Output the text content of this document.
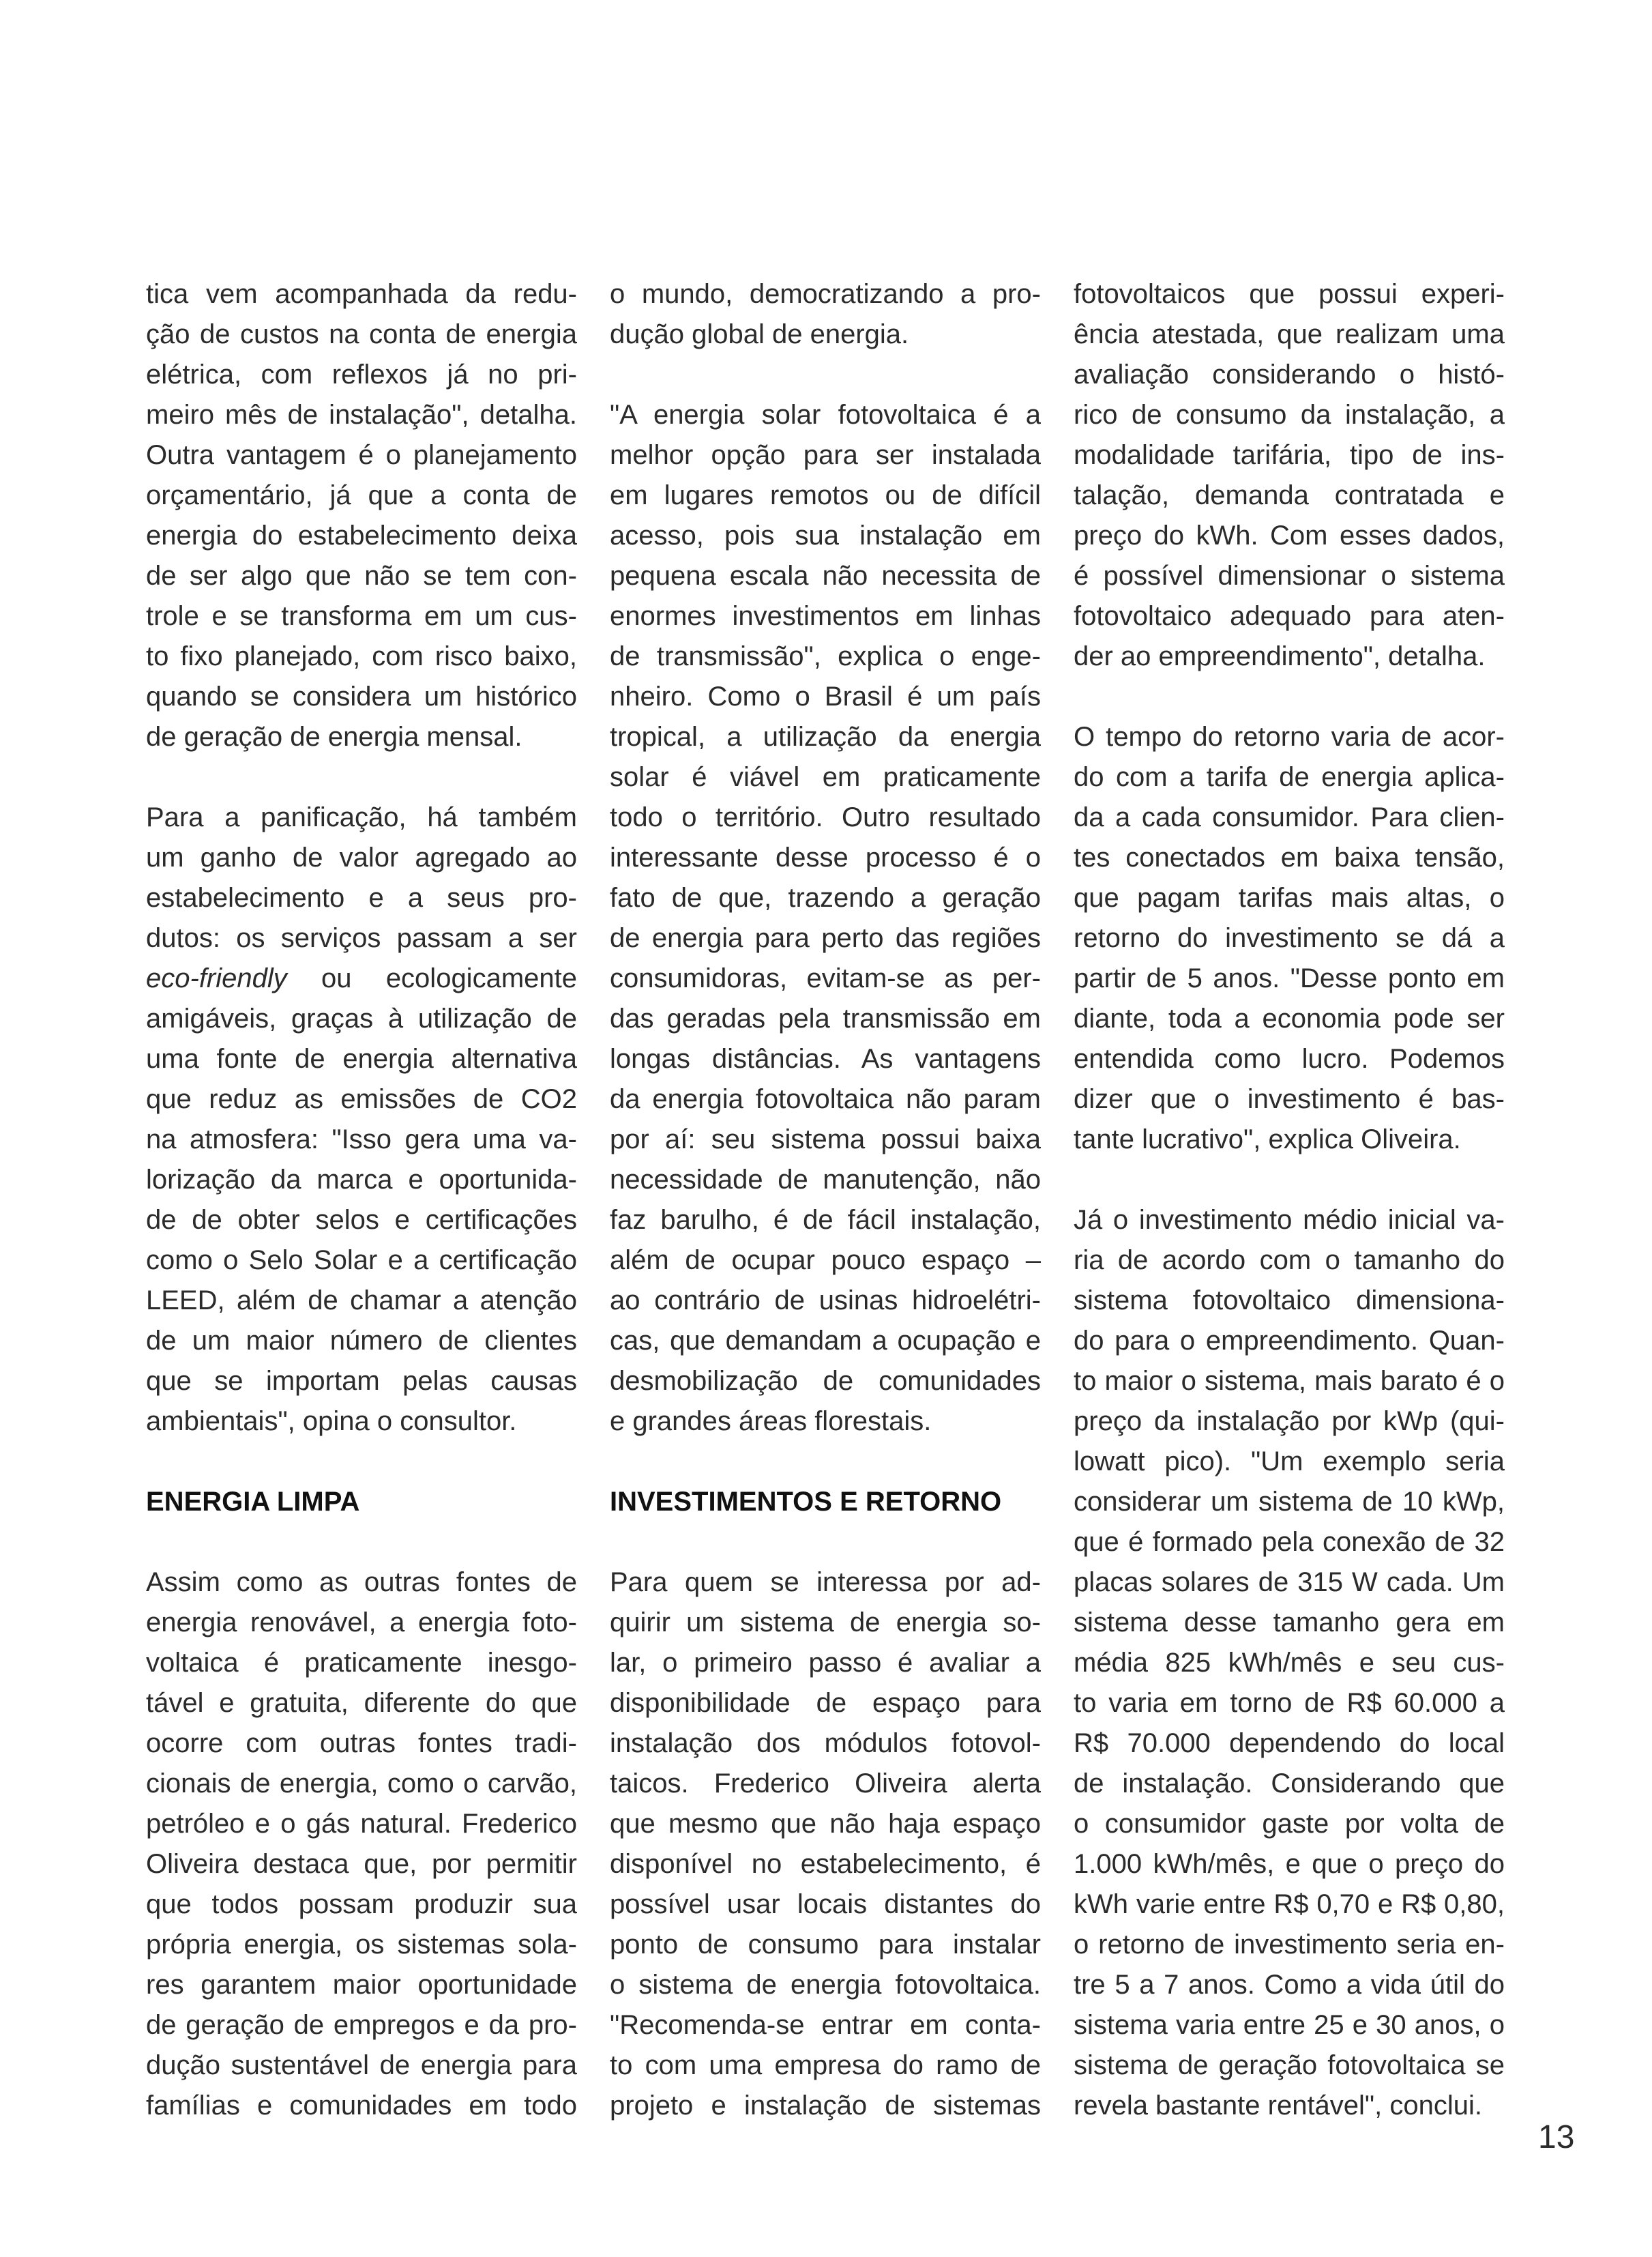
tica vem acompanhada da redu-
ção de custos na conta de energia
elétrica, com reflexos já no pri-
meiro mês de instalação", detalha.
Outra vantagem é o planejamento
orçamentário, já que a conta de
energia do estabelecimento deixa
de ser algo que não se tem con-
trole e se transforma em um cus-
to fixo planejado, com risco baixo,
quando se considera um histórico
de geração de energia mensal.
Para a panificação, há também
um ganho de valor agregado ao
estabelecimento e a seus pro-
dutos: os serviços passam a ser
eco-friendly ou ecologicamente
amigáveis, graças à utilização de
uma fonte de energia alternativa
que reduz as emissões de CO2
na atmosfera: "Isso gera uma va-
lorização da marca e oportunida-
de de obter selos e certificações
como o Selo Solar e a certificação
LEED, além de chamar a atenção
de um maior número de clientes
que se importam pelas causas
ambientais", opina o consultor.
ENERGIA LIMPA
Assim como as outras fontes de
energia renovável, a energia foto-
voltaica é praticamente inesgo-
tável e gratuita, diferente do que
ocorre com outras fontes tradi-
cionais de energia, como o carvão,
petróleo e o gás natural. Frederico
Oliveira destaca que, por permitir
que todos possam produzir sua
própria energia, os sistemas sola-
res garantem maior oportunidade
de geração de empregos e da pro-
dução sustentável de energia para
famílias e comunidades em todo
o mundo, democratizando a pro-
dução global de energia.
"A energia solar fotovoltaica é a
melhor opção para ser instalada
em lugares remotos ou de difícil
acesso, pois sua instalação em
pequena escala não necessita de
enormes investimentos em linhas
de transmissão", explica o enge-
nheiro. Como o Brasil é um país
tropical, a utilização da energia
solar é viável em praticamente
todo o território. Outro resultado
interessante desse processo é o
fato de que, trazendo a geração
de energia para perto das regiões
consumidoras, evitam-se as per-
das geradas pela transmissão em
longas distâncias. As vantagens
da energia fotovoltaica não param
por aí: seu sistema possui baixa
necessidade de manutenção, não
faz barulho, é de fácil instalação,
além de ocupar pouco espaço –
ao contrário de usinas hidroelétri-
cas, que demandam a ocupação e
desmobilização de comunidades
e grandes áreas florestais.
INVESTIMENTOS E RETORNO
Para quem se interessa por ad-
quirir um sistema de energia so-
lar, o primeiro passo é avaliar a
disponibilidade de espaço para
instalação dos módulos fotovol-
taicos. Frederico Oliveira alerta
que mesmo que não haja espaço
disponível no estabelecimento, é
possível usar locais distantes do
ponto de consumo para instalar
o sistema de energia fotovoltaica.
"Recomenda-se entrar em conta-
to com uma empresa do ramo de
projeto e instalação de sistemas
fotovoltaicos que possui experi-
ência atestada, que realizam uma
avaliação considerando o histó-
rico de consumo da instalação, a
modalidade tarifária, tipo de ins-
talação, demanda contratada e
preço do kWh. Com esses dados,
é possível dimensionar o sistema
fotovoltaico adequado para aten-
der ao empreendimento", detalha.
O tempo do retorno varia de acor-
do com a tarifa de energia aplica-
da a cada consumidor. Para clien-
tes conectados em baixa tensão,
que pagam tarifas mais altas, o
retorno do investimento se dá a
partir de 5 anos. "Desse ponto em
diante, toda a economia pode ser
entendida como lucro. Podemos
dizer que o investimento é bas-
tante lucrativo", explica Oliveira.
Já o investimento médio inicial va-
ria de acordo com o tamanho do
sistema fotovoltaico dimensiona-
do para o empreendimento. Quan-
to maior o sistema, mais barato é o
preço da instalação por kWp (qui-
lowatt pico). "Um exemplo seria
considerar um sistema de 10 kWp,
que é formado pela conexão de 32
placas solares de 315 W cada. Um
sistema desse tamanho gera em
média 825 kWh/mês e seu cus-
to varia em torno de R$ 60.000 a
R$ 70.000 dependendo do local
de instalação. Considerando que
o consumidor gaste por volta de
1.000 kWh/mês, e que o preço do
kWh varie entre R$ 0,70 e R$ 0,80,
o retorno de investimento seria en-
tre 5 a 7 anos. Como a vida útil do
sistema varia entre 25 e 30 anos, o
sistema de geração fotovoltaica se
revela bastante rentável", conclui.
13
